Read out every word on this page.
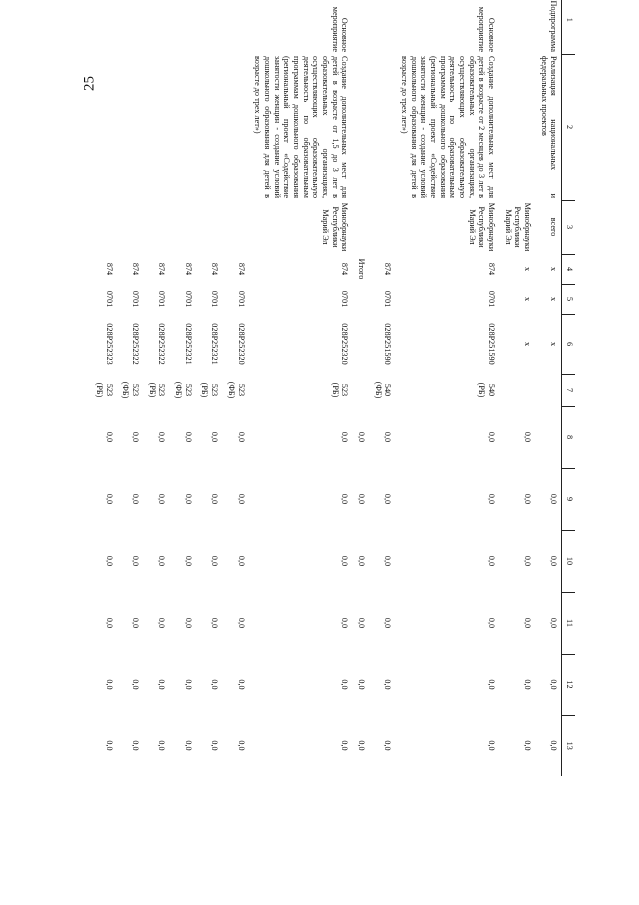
25
1	2	3	4	5	6	7	8	9	10	11	12	13
Подпрограмма	Реализация национальных и федеральных проектов	всего	х	х	х			0,0	0,0	0,0	0,0	0,0
		Минобрнауки Республики Марий Эл	х	х	х		0,0	0,0	0,0	0,0	0,0	0,0
Основное мероприятие	Создание дополнительных мест для детей в возрасте от 2 месяцев до 3 лет в образовательных организациях, осуществляющих образовательную деятельность по образовательным программам дошкольного образования (региональный проект «Содействие занятости женщин - создание условий дошкольного образования для детей в возрасте до трех лет»)	Минобрнауки Республики Марий Эл	874	0701	028P251590	540 (РБ)	0,0	0,0	0,0	0,0	0,0	0,0
			874	0701	028P251590	540 (ФБ)	0,0	0,0	0,0	0,0	0,0	0,0
			Итого				0,0	0,0	0,0	0,0	0,0	0,0
Основное мероприятие	Создание дополнительных мест для детей в возрасте от 1,5 до 3 лет в образовательных организациях, осуществляющих образовательную деятельность по образовательным программам дошкольного образования (региональный проект «Содействие занятости женщин - создание условий дошкольного образования для детей в возрасте до трех лет»)	Минобрнауки Республики Марий Эл	874	0701	028P252320	523 (РБ)	0,0	0,0	0,0	0,0	0,0	0,0
			874	0701	028P252320	523 (ФБ)	0,0	0,0	0,0	0,0	0,0	0,0
			874	0701	028P252321	523 (РБ)	0,0	0,0	0,0	0,0	0,0	0,0
			874	0701	028P252321	523 (ФБ)	0,0	0,0	0,0	0,0	0,0	0,0
			874	0701	028P252322	523 (РБ)	0,0	0,0	0,0	0,0	0,0	0,0
			874	0701	028P252322	523 (ФБ)	0,0	0,0	0,0	0,0	0,0	0,0
			874	0701	028P252323	523 (РБ)	0,0	0,0	0,0	0,0	0,0	0,0
